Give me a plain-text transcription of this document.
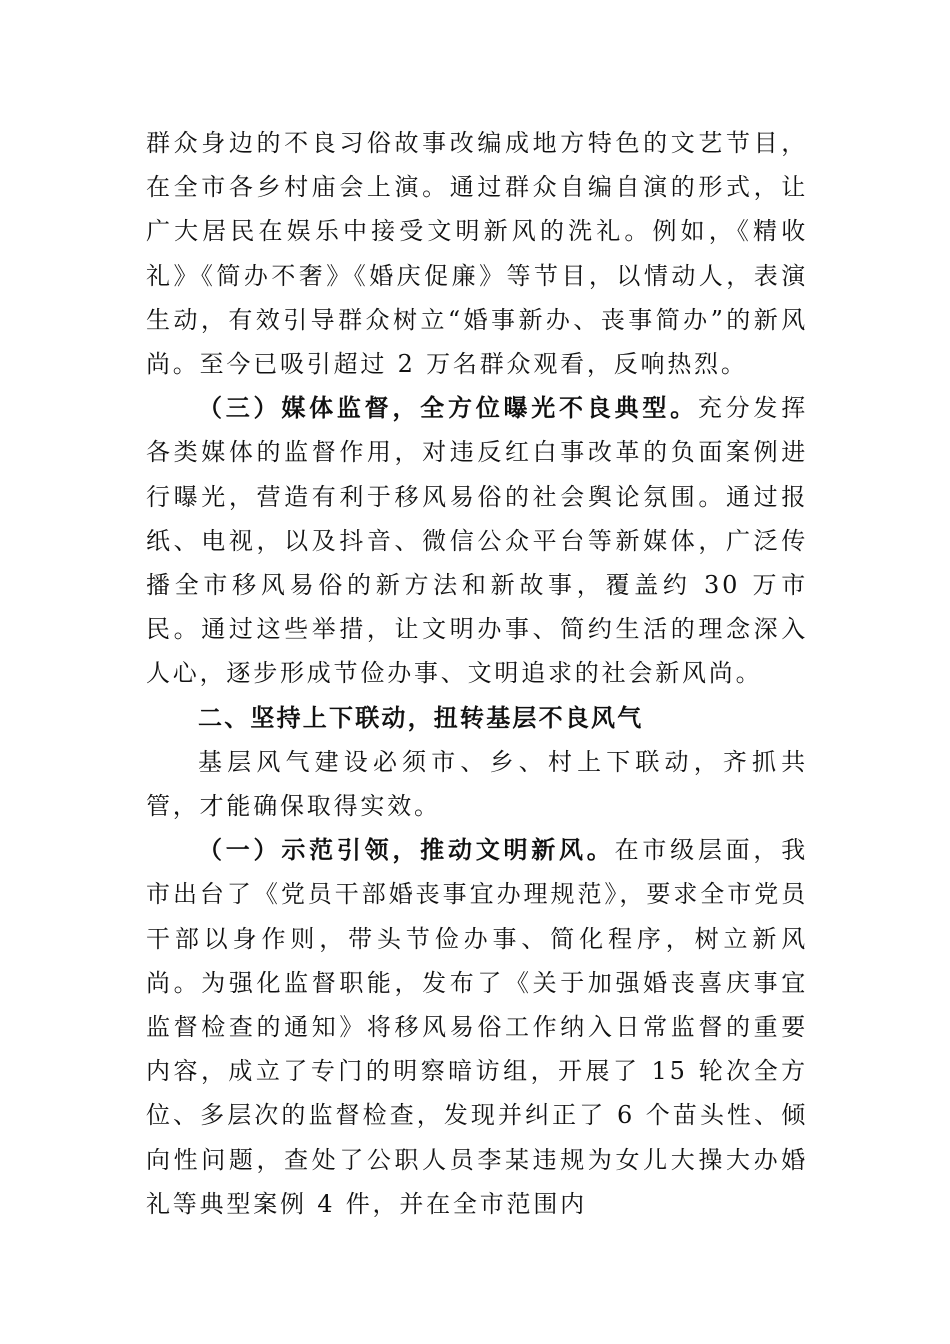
群众身边的不良习俗故事改编成地方特色的文艺节目，在全市各乡村庙会上演。通过群众自编自演的形式，让广大居民在娱乐中接受文明新风的洗礼。例如，《精收礼》《简办不奢》《婚庆促廉》等节目，以情动人，表演生动，有效引导群众树立“婚事新办、丧事简办”的新风尚。至今已吸引超过 2 万名群众观看，反响热烈。

（三）媒体监督，全方位曝光不良典型。充分发挥各类媒体的监督作用，对违反红白事改革的负面案例进行曝光，营造有利于移风易俗的社会舆论氛围。通过报纸、电视，以及抖音、微信公众平台等新媒体，广泛传播全市移风易俗的新方法和新故事，覆盖约 30 万市民。通过这些举措，让文明办事、简约生活的理念深入人心，逐步形成节俭办事、文明追求的社会新风尚。

二、坚持上下联动，扭转基层不良风气

基层风气建设必须市、乡、村上下联动，齐抓共管，才能确保取得实效。

（一）示范引领，推动文明新风。在市级层面，我市出台了《党员干部婚丧事宜办理规范》，要求全市党员干部以身作则，带头节俭办事、简化程序，树立新风尚。为强化监督职能，发布了《关于加强婚丧喜庆事宜监督检查的通知》将移风易俗工作纳入日常监督的重要内容，成立了专门的明察暗访组，开展了 15 轮次全方位、多层次的监督检查，发现并纠正了 6 个苗头性、倾向性问题，查处了公职人员李某违规为女儿大操大办婚礼等典型案例 4 件，并在全市范围内
